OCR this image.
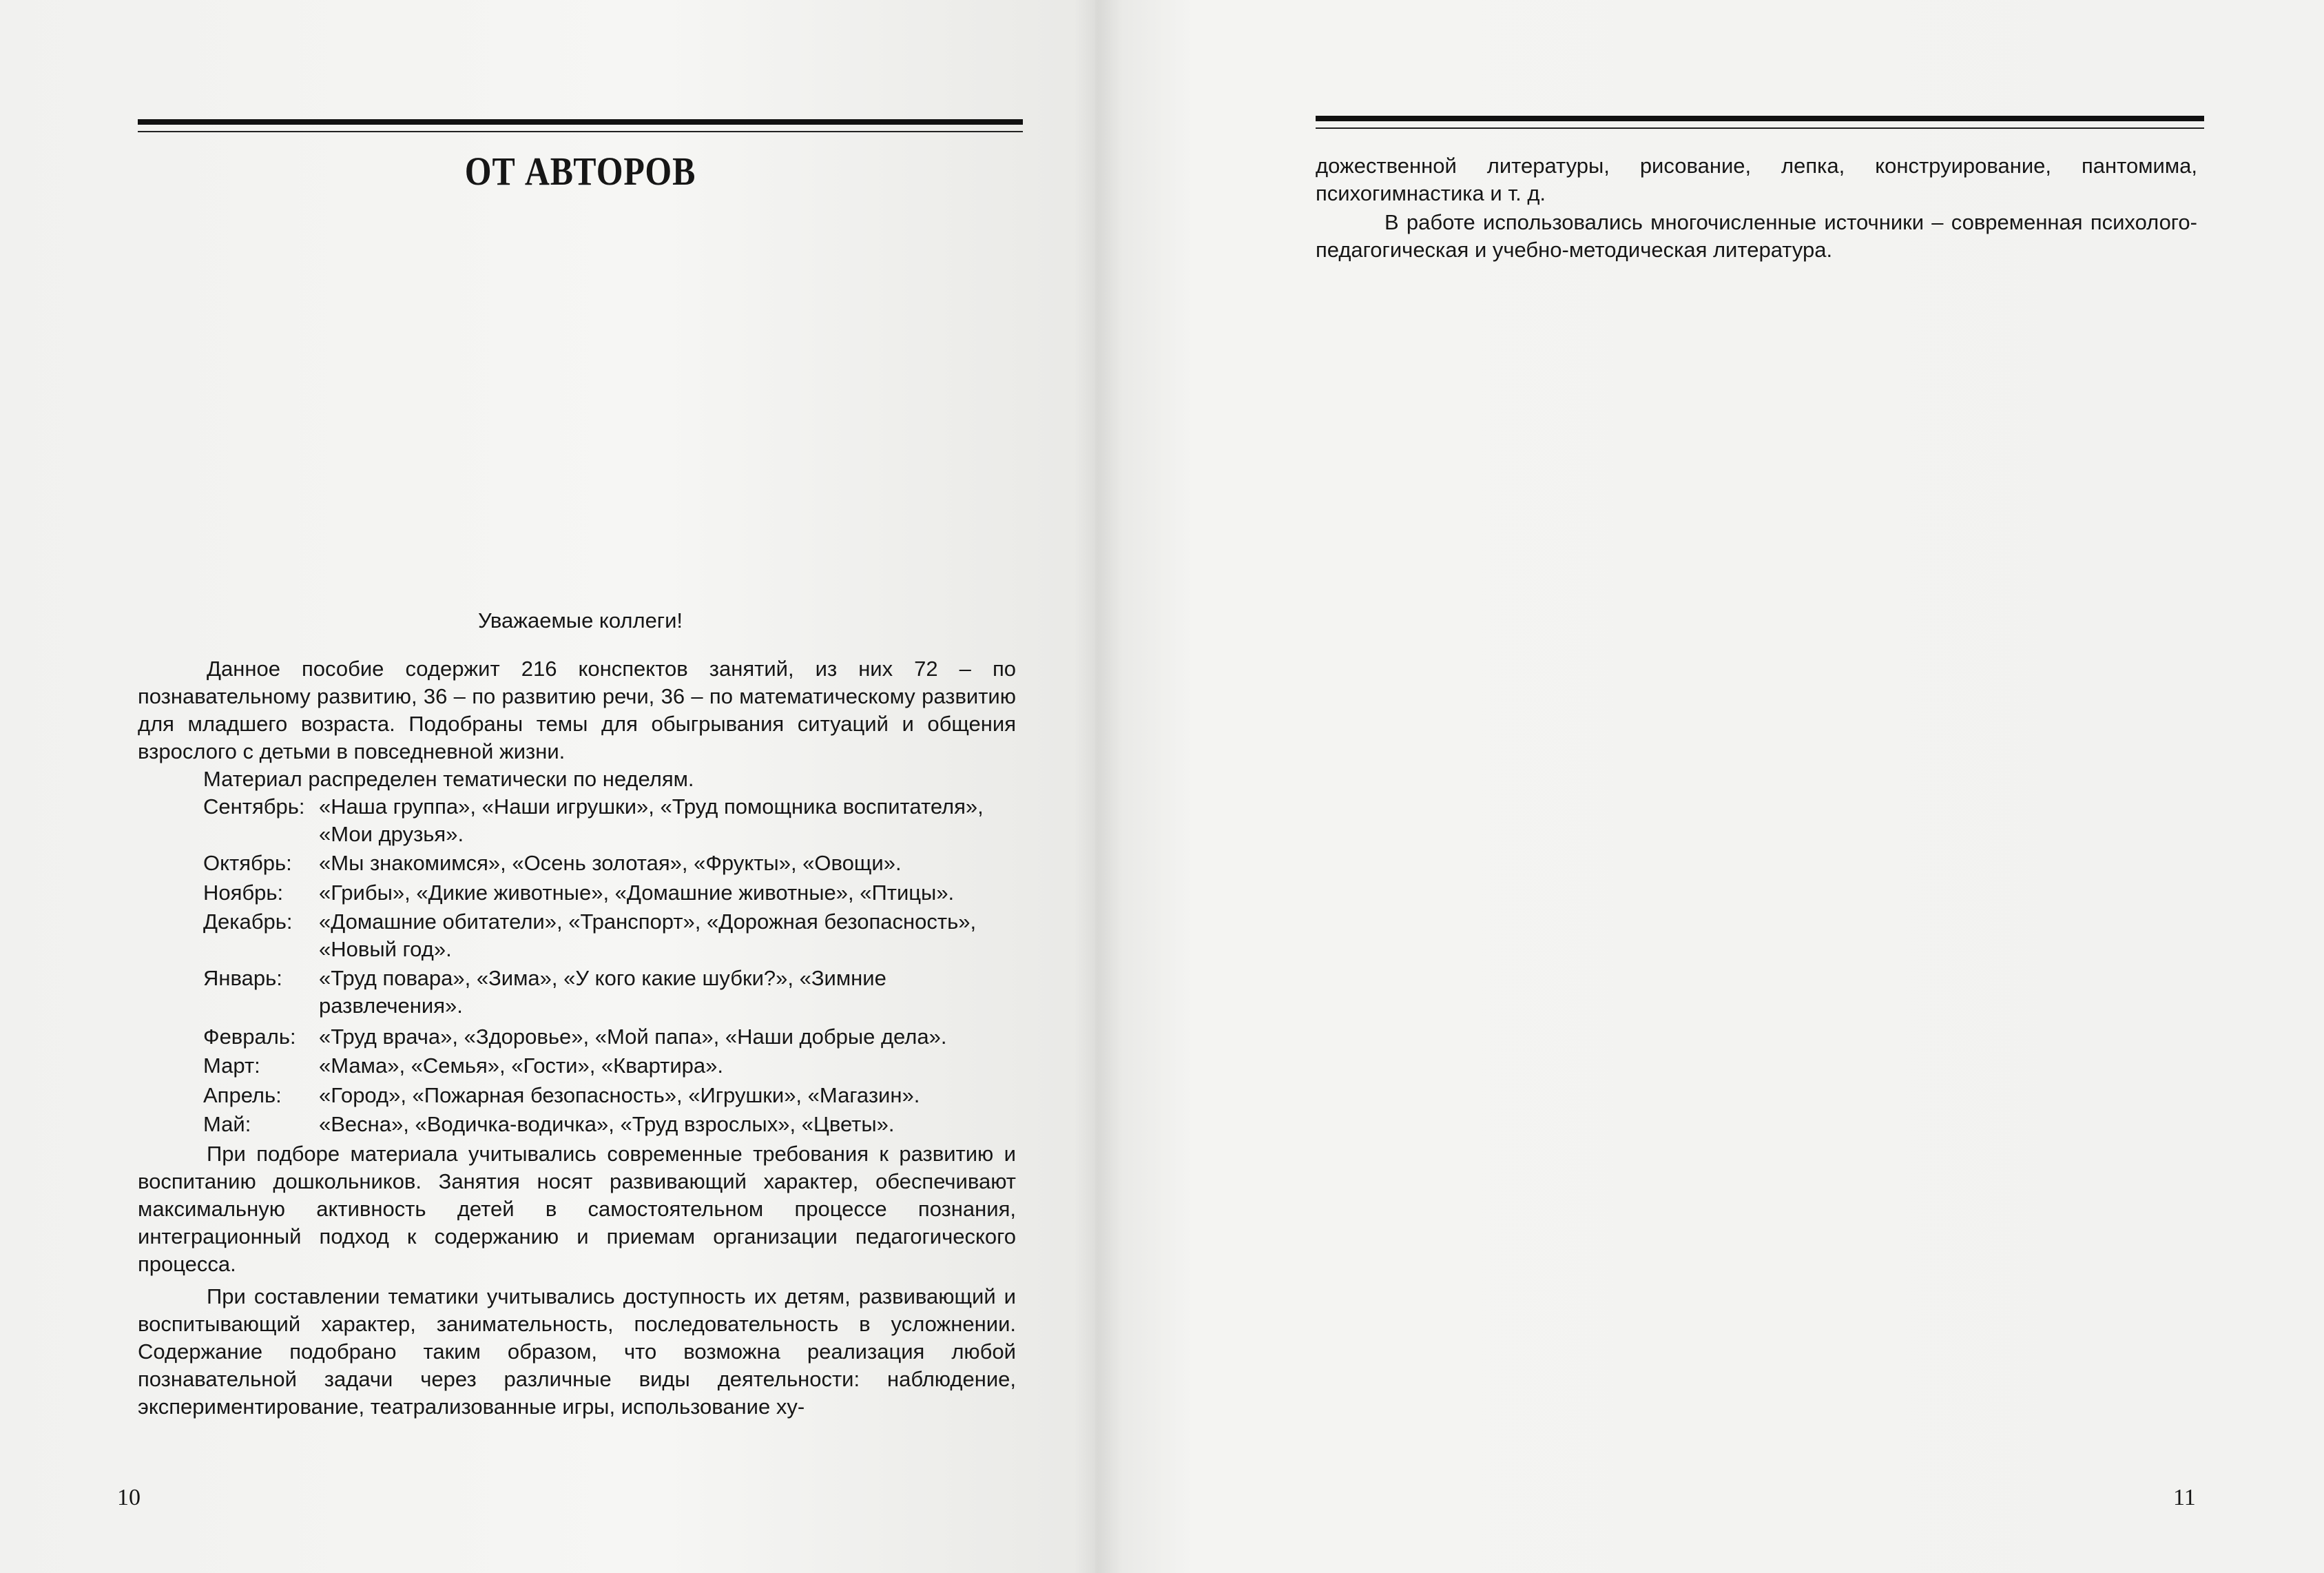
ОТ АВТОРОВ
Уважаемые коллеги!
Данное пособие содержит 216 конспектов занятий, из них 72 – по познавательному развитию, 36 – по развитию речи, 36 – по математическому развитию для младшего возраста. Подобраны темы для обыгрывания ситуаций и общения взрослого с детьми в повседневной жизни.
Материал распределен тематически по неделям.
Сентябрь: «Наша группа», «Наши игрушки», «Труд помощника воспитателя», «Мои друзья».
Октябрь: «Мы знакомимся», «Осень золотая», «Фрукты», «Овощи».
Ноябрь: «Грибы», «Дикие животные», «Домашние животные», «Птицы».
Декабрь: «Домашние обитатели», «Транспорт», «Дорожная безопасность», «Новый год».
Январь: «Труд повара», «Зима», «У кого какие шубки?», «Зимние развлечения».
Февраль: «Труд врача», «Здоровье», «Мой папа», «Наши добрые дела».
Март:	«Мама», «Семья», «Гости», «Квартира».
Апрель: «Город», «Пожарная безопасность», «Игрушки», «Магазин».
Май:	«Весна», «Водичка-водичка», «Труд взрослых», «Цветы».
При подборе материала учитывались современные требования к развитию и воспитанию дошкольников. Занятия носят развивающий характер, обеспечивают максимальную активность детей в самостоятельном процессе познания, интеграционный подход к содержанию и приемам организации педагогического процесса.
При составлении тематики учитывались доступность их детям, развивающий и воспитывающий характер, занимательность, последовательность в усложнении. Содержание подобрано таким образом, что возможна реализация любой познавательной задачи через различные виды деятельности: наблюдение, экспериментирование, театрализованные игры, использование ху-
10
дожественной литературы, рисование, лепка, конструирование, пантомима, психогимнастика и т. д.
В работе использовались многочисленные источники – современная психолого-педагогическая и учебно-методическая литература.
11
